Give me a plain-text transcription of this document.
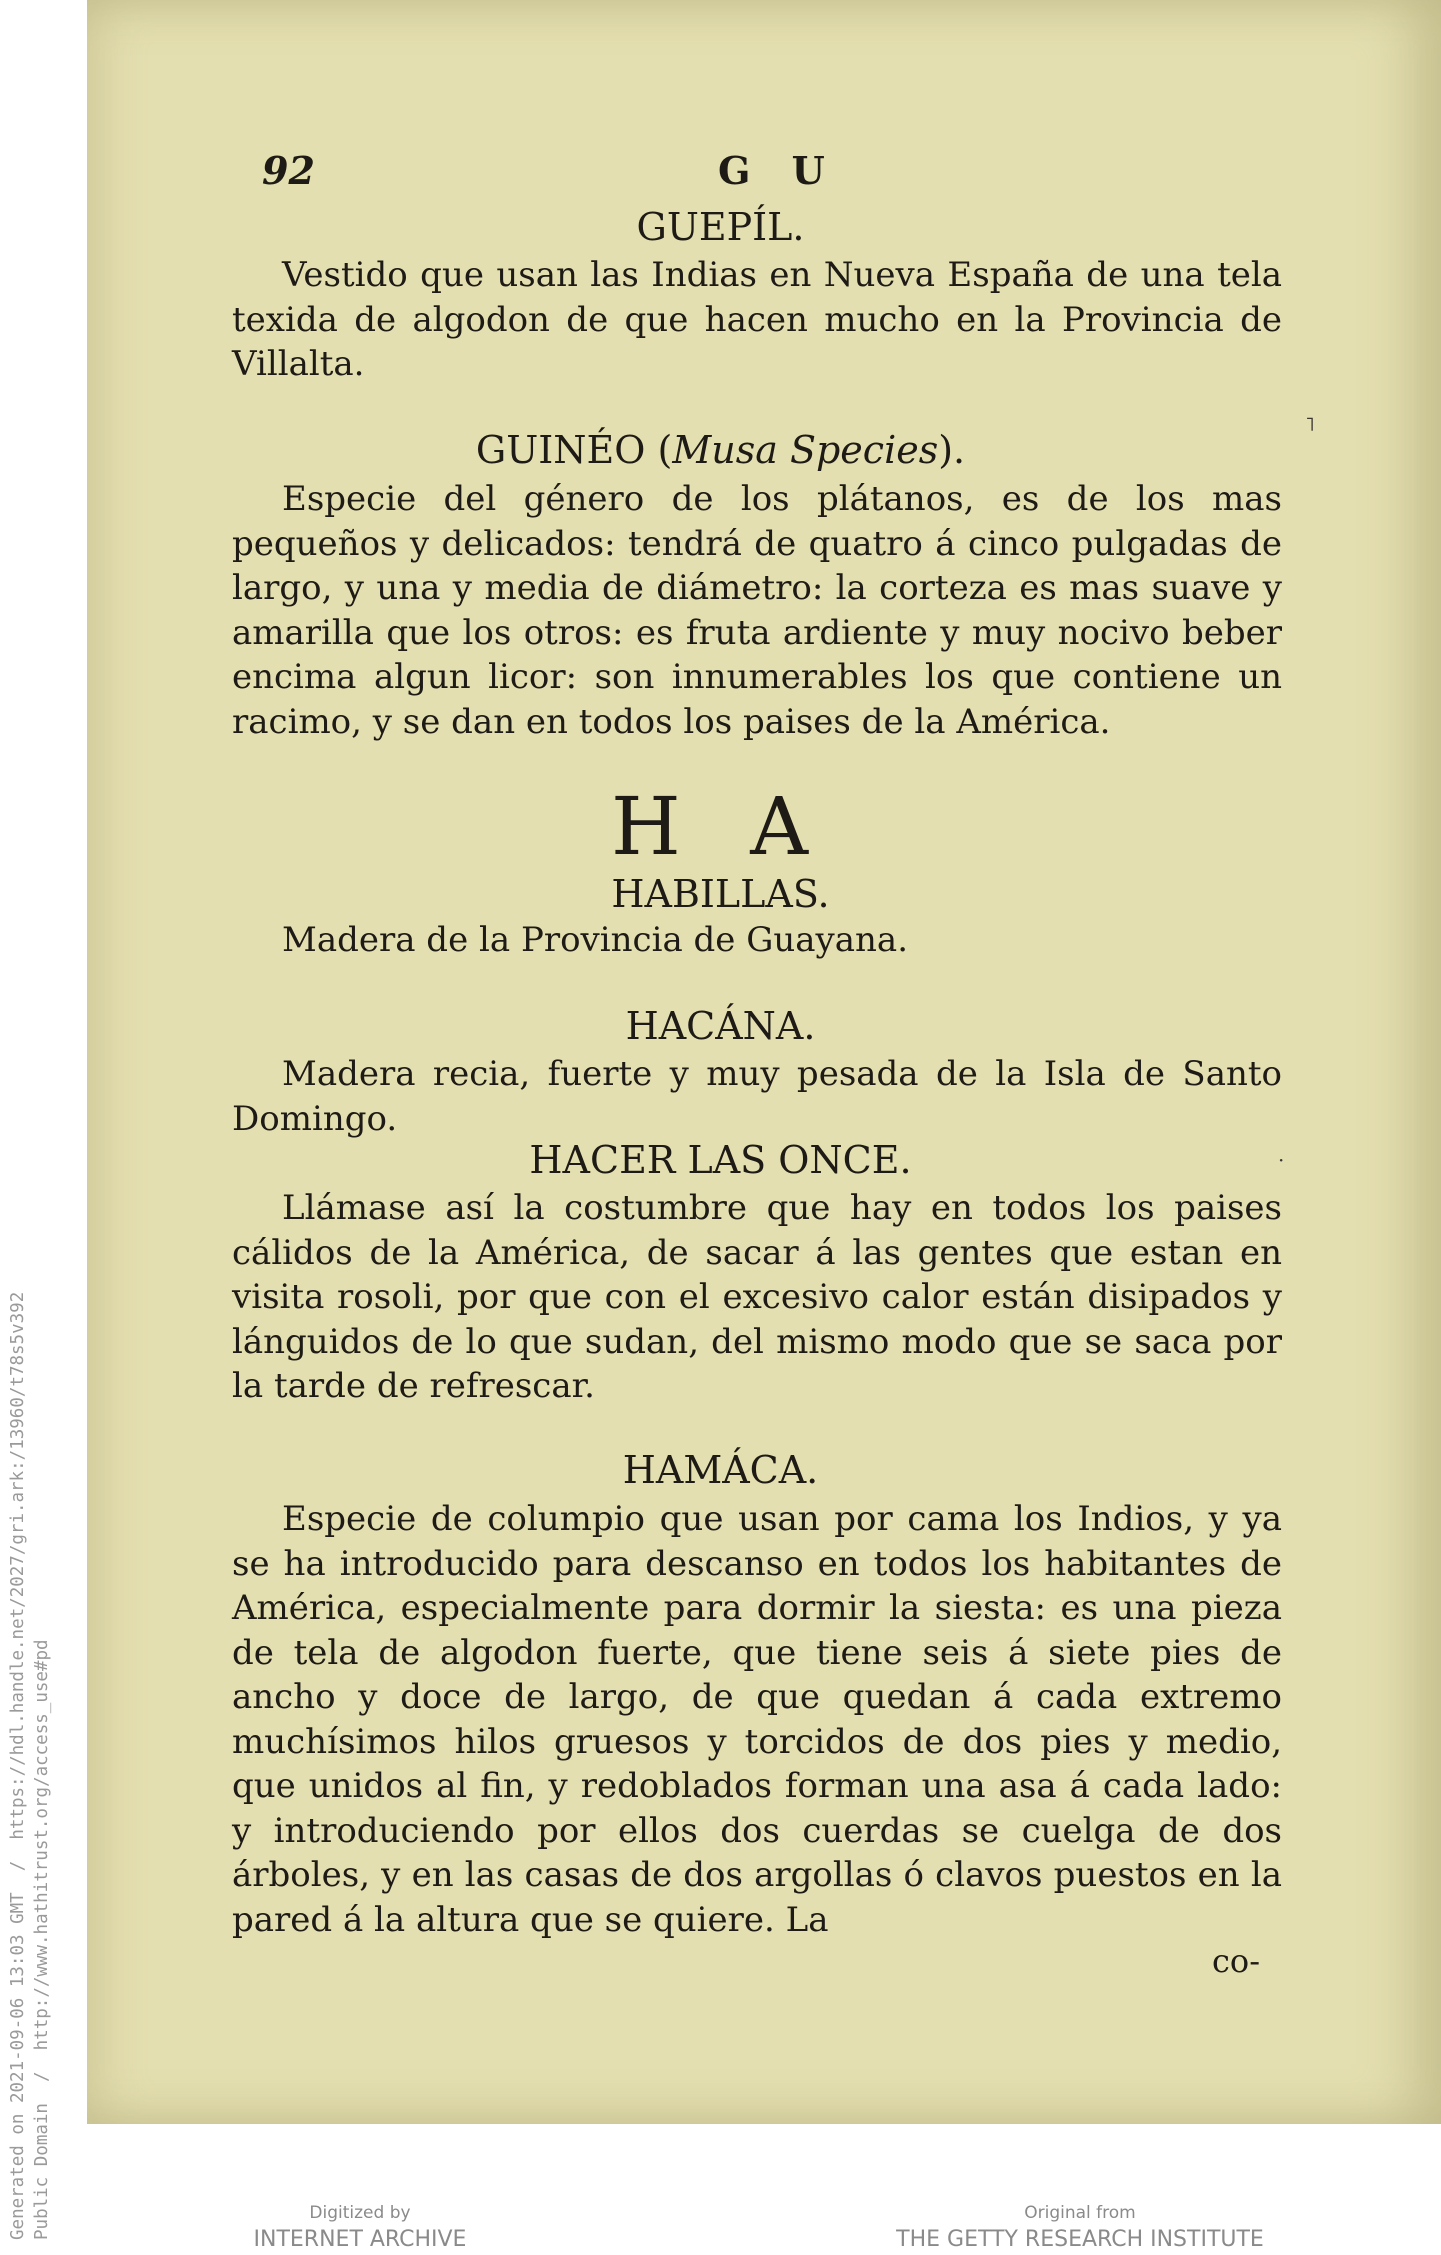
92	G U
GUEPÍL.
Vestido que usan las Indias en Nueva España de una tela texida de algodon de que hacen mucho en la Provincia de Villalta.
GUINÉO (Musa Species).
Especie del género de los plátanos, es de los mas pequeños y delicados: tendrá de quatro á cinco pulgadas de largo, y una y media de diámetro: la corteza es mas suave y amarilla que los otros: es fruta ardiente y muy nocivo beber encima algun licor: son innumerables los que contiene un racimo, y se dan en todos los paises de la América.
H A
HABILLAS.
Madera de la Provincia de Guayana.
HACÁNA.
Madera recia, fuerte y muy pesada de la Isla de Santo Domingo.
HACER LAS ONCE.
Llámase así la costumbre que hay en todos los paises cálidos de la América, de sacar á las gentes que estan en visita rosoli, por que con el excesivo calor están disipados y lánguidos de lo que sudan, del mismo modo que se saca por la tarde de refrescar.
HAMÁCA.
Especie de columpio que usan por cama los Indios, y ya se ha introducido para descanso en todos los habitantes de América, especialmente para dormir la siesta: es una pieza de tela de algodon fuerte, que tiene seis á siete pies de ancho y doce de largo, de que quedan á cada extremo muchísimos hilos gruesos y torcidos de dos pies y medio, que unidos al fin, y redoblados forman una asa á cada lado: y introduciendo por ellos dos cuerdas se cuelga de dos árboles, y en las casas de dos argollas ó clavos puestos en la pared á la altura que se quiere. La
co-
˥
·
Generated on 2021-09-06 13:03 GMT  /  https://hdl.handle.net/2027/gri.ark:/13960/t78s5v392 Public Domain  /  http://www.hathitrust.org/access_use#pd	Digitized by
INTERNET ARCHIVE
Original from
THE GETTY RESEARCH INSTITUTE
